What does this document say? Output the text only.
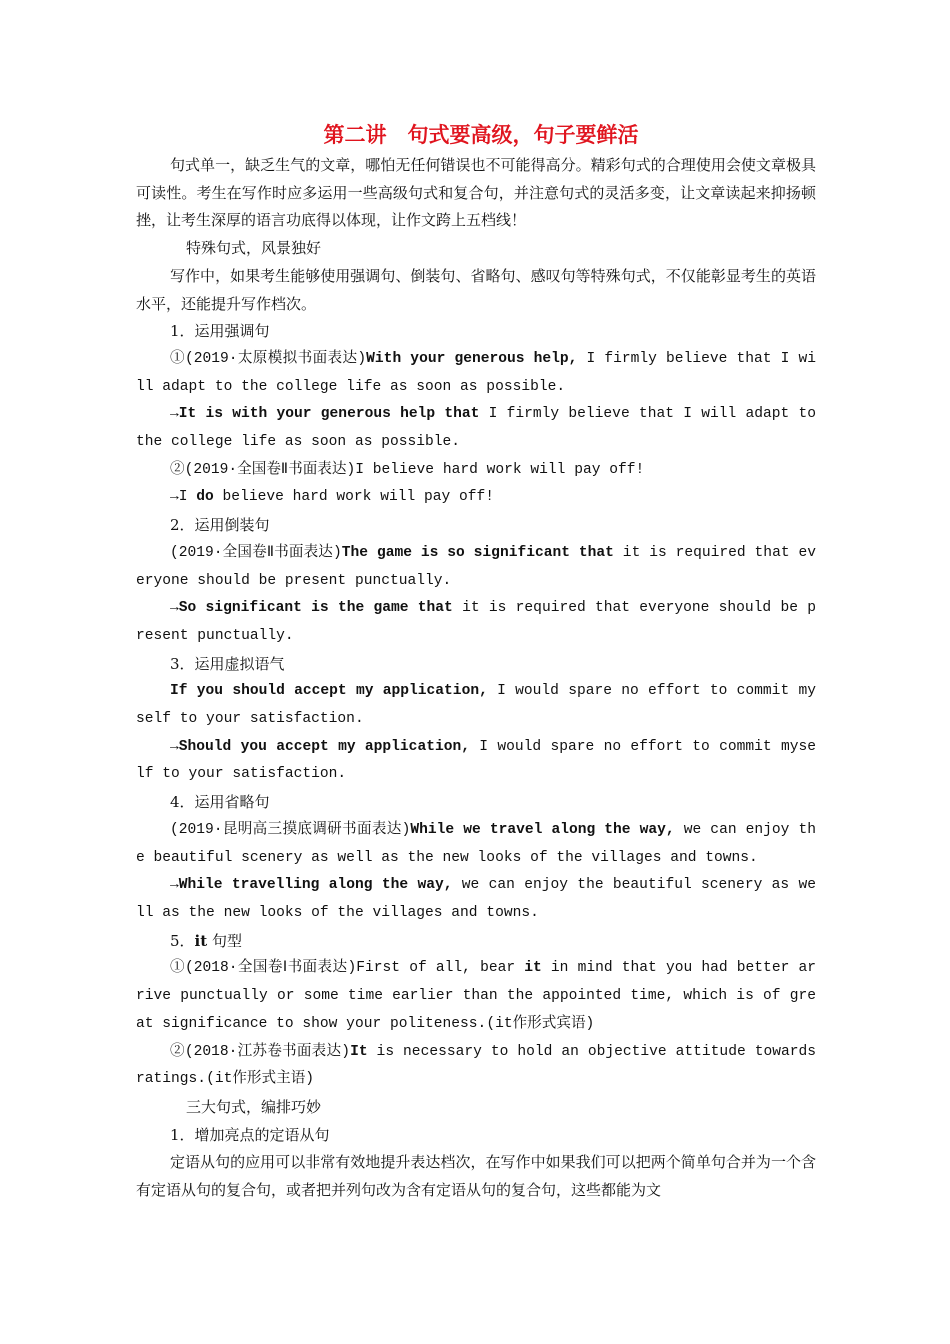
第二讲　句式要高级，句子要鲜活

句式单一，缺乏生气的文章，哪怕无任何错误也不可能得高分。精彩句式的合理使用会使文章极具可读性。考生在写作时应多运用一些高级句式和复合句，并注意句式的灵活多变，让文章读起来抑扬顿挫，让考生深厚的语言功底得以体现，让作文跨上五档线！

特殊句式，风景独好

写作中，如果考生能够使用强调句、倒装句、省略句、感叹句等特殊句式，不仅能彰显考生的英语水平，还能提升写作档次。

1．运用强调句

①(2019·太原模拟书面表达)With your generous help, I firmly believe that I will adapt to the college life as soon as possible.

→It is with your generous help that I firmly believe that I will adapt to the college life as soon as possible.

②(2019·全国卷Ⅱ书面表达)I believe hard work will pay off!

→I do believe hard work will pay off!

2．运用倒装句

(2019·全国卷Ⅱ书面表达)The game is so significant that it is required that everyone should be present punctually.

→So significant is the game that it is required that everyone should be present punctually.

3．运用虚拟语气

If you should accept my application, I would spare no effort to commit myself to your satisfaction.

→Should you accept my application, I would spare no effort to commit myself to your satisfaction.

4．运用省略句

(2019·昆明高三摸底调研书面表达)While we travel along the way, we can enjoy the beautiful scenery as well as the new looks of the villages and towns.

→While travelling along the way, we can enjoy the beautiful scenery as well as the new looks of the villages and towns.

5．it 句型

①(2018·全国卷Ⅰ书面表达)First of all, bear it in mind that you had better arrive punctually or some time earlier than the appointed time, which is of great significance to show your politeness.(it作形式宾语)

②(2018·江苏卷书面表达)It is necessary to hold an objective attitude towards ratings.(it作形式主语)

三大句式，编排巧妙

1．增加亮点的定语从句

定语从句的应用可以非常有效地提升表达档次，在写作中如果我们可以把两个简单句合并为一个含有定语从句的复合句，或者把并列句改为含有定语从句的复合句，这些都能为文
